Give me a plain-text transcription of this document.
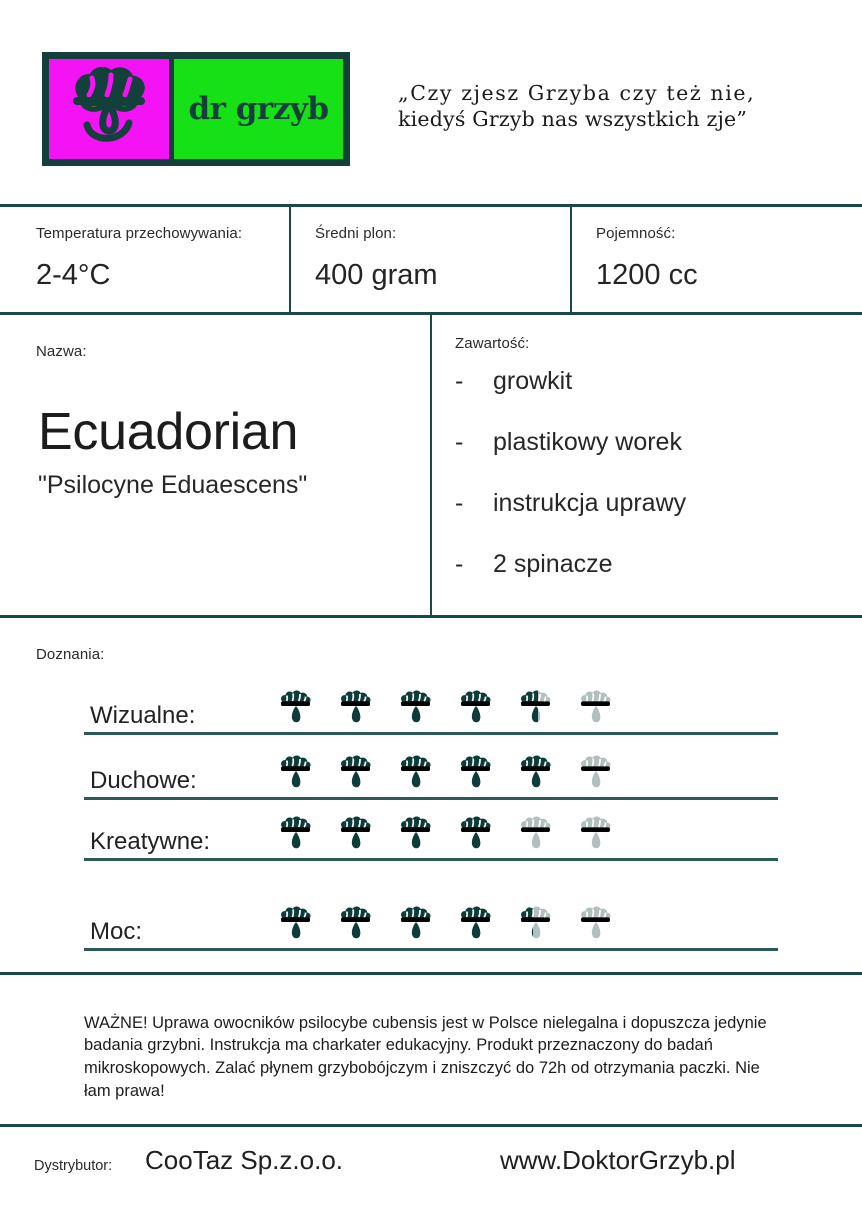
dr grzyb	„Czy zjesz Grzyba czy też nie,
kiedyś Grzyb nas wszystkich zje”
Temperatura przechowywania:
2-4°C
Średni plon:
400 gram
Pojemność:
1200 cc
Nazwa:
Ecuadorian
"Psilocyne Eduaescens"
Zawartość:
-	growkit
-	plastikowy worek
-	instrukcja uprawy
-	2 spinacze
Doznania:
Wizualne:
Duchowe:
Kreatywne:
Moc:

WAŻNE! Uprawa owocników psilocybe cubensis jest w Polsce nielegalna i dopuszcza jedynie badania grzybni. Instrukcja ma charkater edukacyjny. Produkt przeznaczony do badań mikroskopowych. Zalać płynem grzybobójczym i zniszczyć do 72h od otrzymania paczki. Nie łam prawa!

Dystrybutor: CooTaz Sp.z.o.o.	www.DoktorGrzyb.pl
